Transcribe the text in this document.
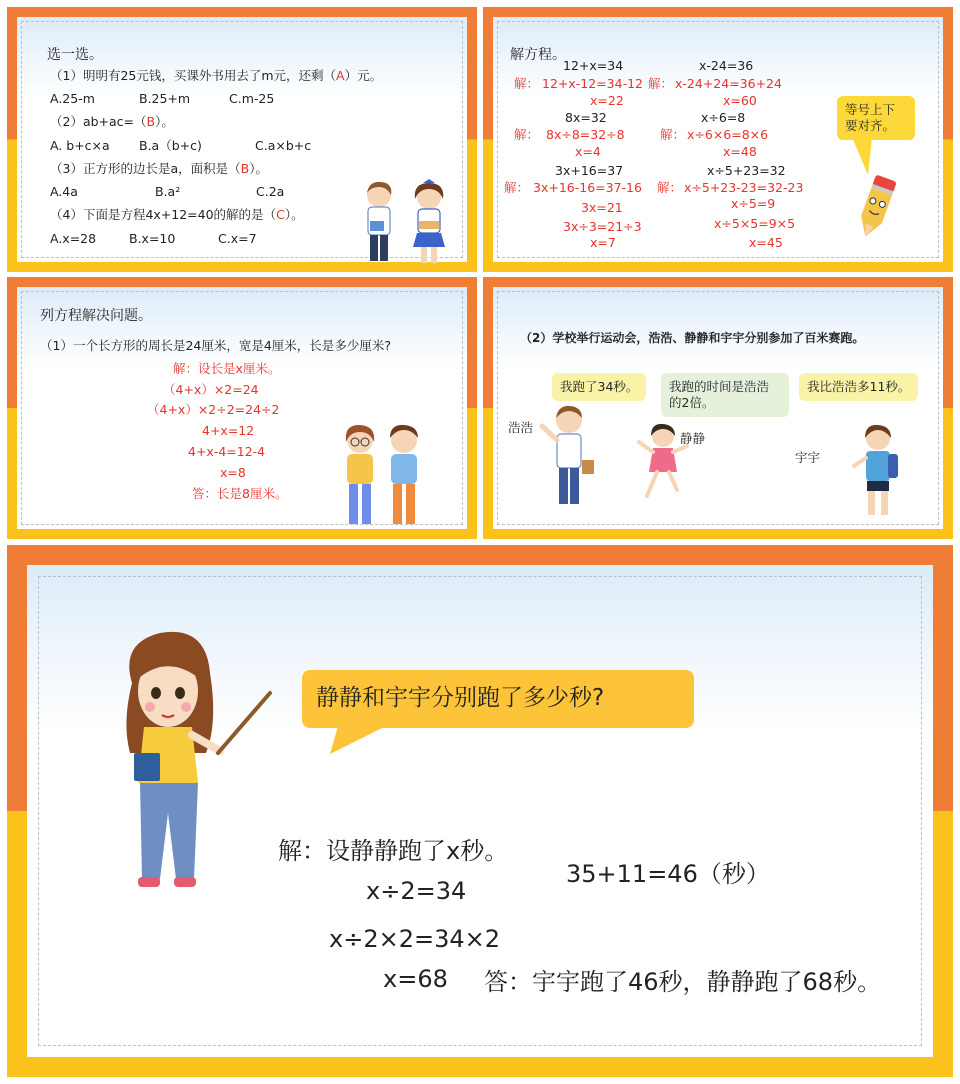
选一选。
（1）明明有25元钱，买课外书用去了m元，还剩（A）元。
A.25-m	B.25+m	C.m-25
（2）ab+ac=（B）。
A. b+c×a B.a（b+c)	C.a×b+c
（3）正方形的边长是a，面积是（B）。
A.4a	B.a²	C.2a
（4）下面是方程4x+12=40的解的是（C）。
A.x=28	B.x=10	C.x=7
解方程。
12+x=34
解： 12+x-12=34-12
x=22
x-24=36
解： x-24+24=36+24
x=60
8x=32
解： 8x÷8=32÷8
x=4
x÷6=8
解： x÷6×6=8×6
x=48
3x+16=37
解： 3x+16-16=37-16
3x=21
3x÷3=21÷3
x=7
x÷5+23=32
解： x÷5+23-23=32-23
x÷5=9
x÷5×5=9×5
x=45
等号上下
要对齐。
列方程解决问题。
（1）一个长方形的周长是24厘米，宽是4厘米，长是多少厘米?
解：设长是x厘米。
（4+x）×2=24
（4+x）×2÷2=24÷2
4+x=12
4+x-4=12-4
x=8
答：长是8厘米。
（2）学校举行运动会，浩浩、静静和宇宇分别参加了百米赛跑。
我跑了34秒。	我跑的时间是浩浩
的2倍。
我比浩浩多11秒。
浩浩
静静
宇宇
静静和宇宇分别跑了多少秒?
解：设静静跑了x秒。
x÷2=34
x÷2×2=34×2
x=68
35+11=46（秒）
答：宇宇跑了46秒，静静跑了68秒。
